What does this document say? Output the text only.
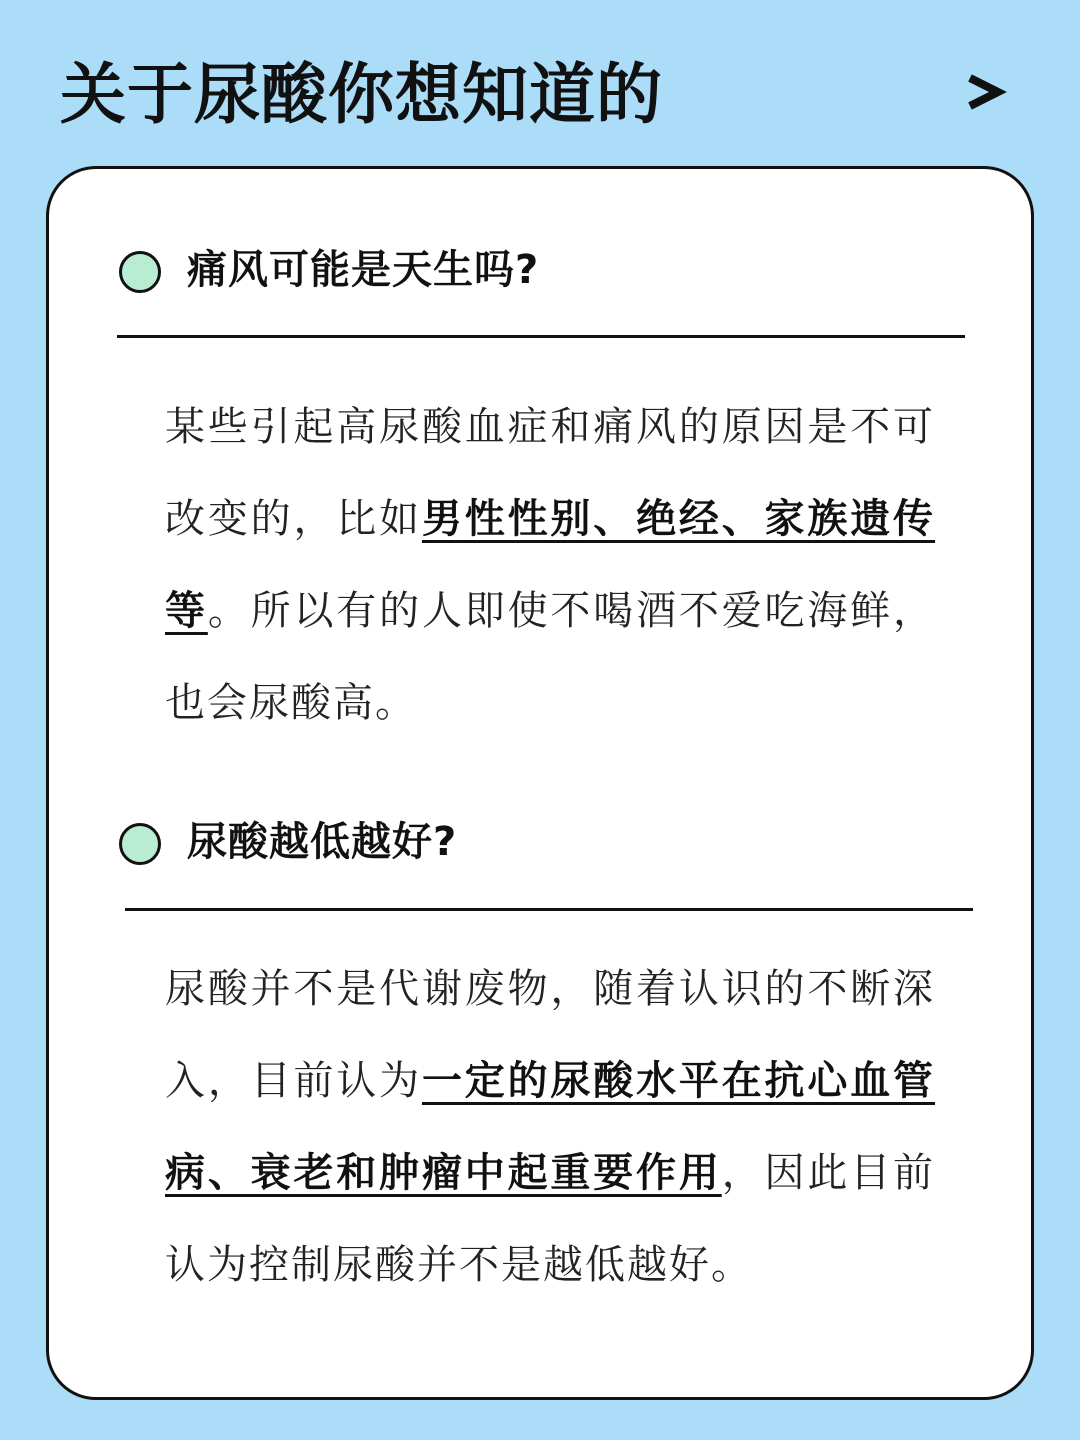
关于尿酸你想知道的
痛风可能是天生吗?
某些引起高尿酸血症和痛风的原因是不可改变的，比如男性性别、绝经、家族遗传等。所以有的人即使不喝酒不爱吃海鲜，也会尿酸高。
尿酸越低越好?
尿酸并不是代谢废物，随着认识的不断深入，目前认为一定的尿酸水平在抗心血管病、衰老和肿瘤中起重要作用，因此目前认为控制尿酸并不是越低越好。
